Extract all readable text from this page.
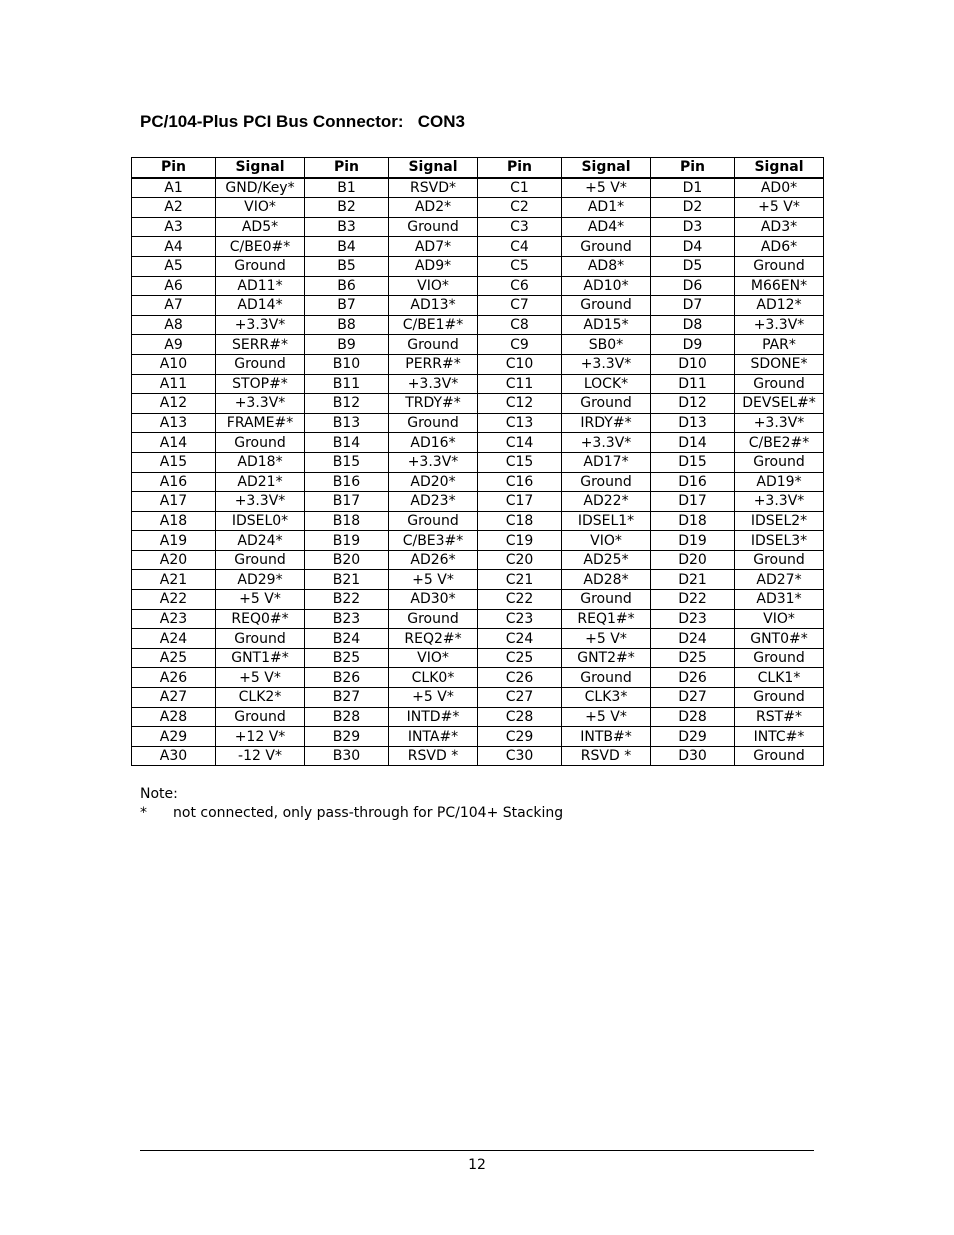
PC/104-Plus PCI Bus Connector:   CON3
Pin	Signal	Pin	Signal	Pin	Signal	Pin	Signal
A1	GND/Key*	B1	RSVD*	C1	+5 V*	D1	AD0*
A2	VIO*	B2	AD2*	C2	AD1*	D2	+5 V*
A3	AD5*	B3	Ground	C3	AD4*	D3	AD3*
A4	C/BE0#*	B4	AD7*	C4	Ground	D4	AD6*
A5	Ground	B5	AD9*	C5	AD8*	D5	Ground
A6	AD11*	B6	VIO*	C6	AD10*	D6	M66EN*
A7	AD14*	B7	AD13*	C7	Ground	D7	AD12*
A8	+3.3V*	B8	C/BE1#*	C8	AD15*	D8	+3.3V*
A9	SERR#*	B9	Ground	C9	SB0*	D9	PAR*
A10	Ground	B10	PERR#*	C10	+3.3V*	D10	SDONE*
A11	STOP#*	B11	+3.3V*	C11	LOCK*	D11	Ground
A12	+3.3V*	B12	TRDY#*	C12	Ground	D12	DEVSEL#*
A13	FRAME#*	B13	Ground	C13	IRDY#*	D13	+3.3V*
A14	Ground	B14	AD16*	C14	+3.3V*	D14	C/BE2#*
A15	AD18*	B15	+3.3V*	C15	AD17*	D15	Ground
A16	AD21*	B16	AD20*	C16	Ground	D16	AD19*
A17	+3.3V*	B17	AD23*	C17	AD22*	D17	+3.3V*
A18	IDSEL0*	B18	Ground	C18	IDSEL1*	D18	IDSEL2*
A19	AD24*	B19	C/BE3#*	C19	VIO*	D19	IDSEL3*
A20	Ground	B20	AD26*	C20	AD25*	D20	Ground
A21	AD29*	B21	+5 V*	C21	AD28*	D21	AD27*
A22	+5 V*	B22	AD30*	C22	Ground	D22	AD31*
A23	REQ0#*	B23	Ground	C23	REQ1#*	D23	VIO*
A24	Ground	B24	REQ2#*	C24	+5 V*	D24	GNT0#*
A25	GNT1#*	B25	VIO*	C25	GNT2#*	D25	Ground
A26	+5 V*	B26	CLK0*	C26	Ground	D26	CLK1*
A27	CLK2*	B27	+5 V*	C27	CLK3*	D27	Ground
A28	Ground	B28	INTD#*	C28	+5 V*	D28	RST#*
A29	+12 V*	B29	INTA#*	C29	INTB#*	D29	INTC#*
A30	-12 V*	B30	RSVD *	C30	RSVD *	D30	Ground
Note:
* not connected, only pass-through for PC/104+ Stacking
12
